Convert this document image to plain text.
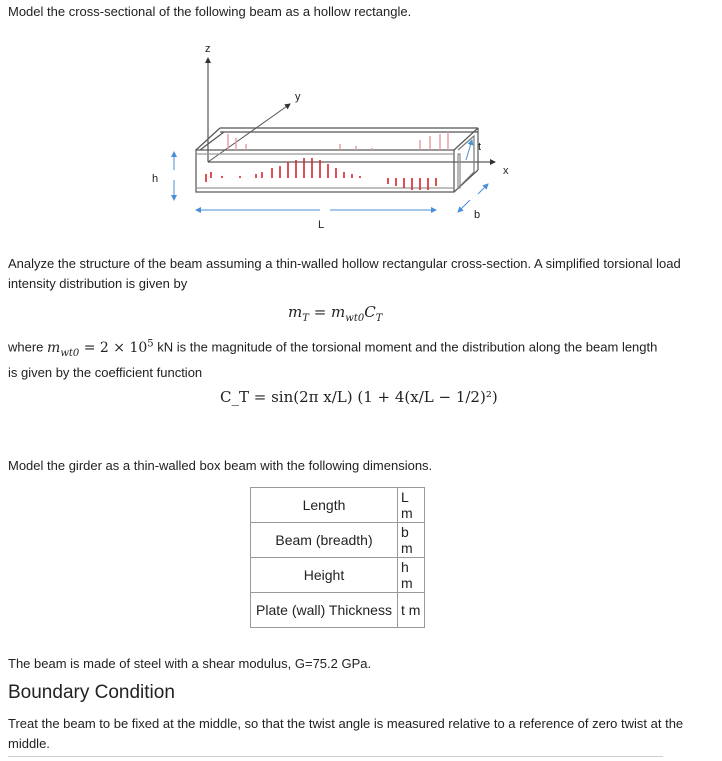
Model the cross-sectional of the following beam as a hollow rectangle.
z
y
x
t
h
L
b
Analyze the structure of the beam assuming a thin-walled hollow rectangular cross-section. A simplified torsional load intensity distribution is given by
$m_T = m_{wt0}C_T$
where $m_{wt0} = 2 \times 10^5$ kN is the magnitude of the torsional moment and the distribution along the beam length is given by the coefficient function
C_T = sin(2π x/L) (1 + 4(x/L − 1/2)²)
Model the girder as a thin-walled box beam with the following dimensions.
Length	L m
Beam (breadth)	b m
Height	h m
Plate (wall) Thickness	t m
The beam is made of steel with a shear modulus, G=75.2 GPa.
Boundary Condition
Treat the beam to be fixed at the middle, so that the twist angle is measured relative to a reference of zero twist at the middle.
